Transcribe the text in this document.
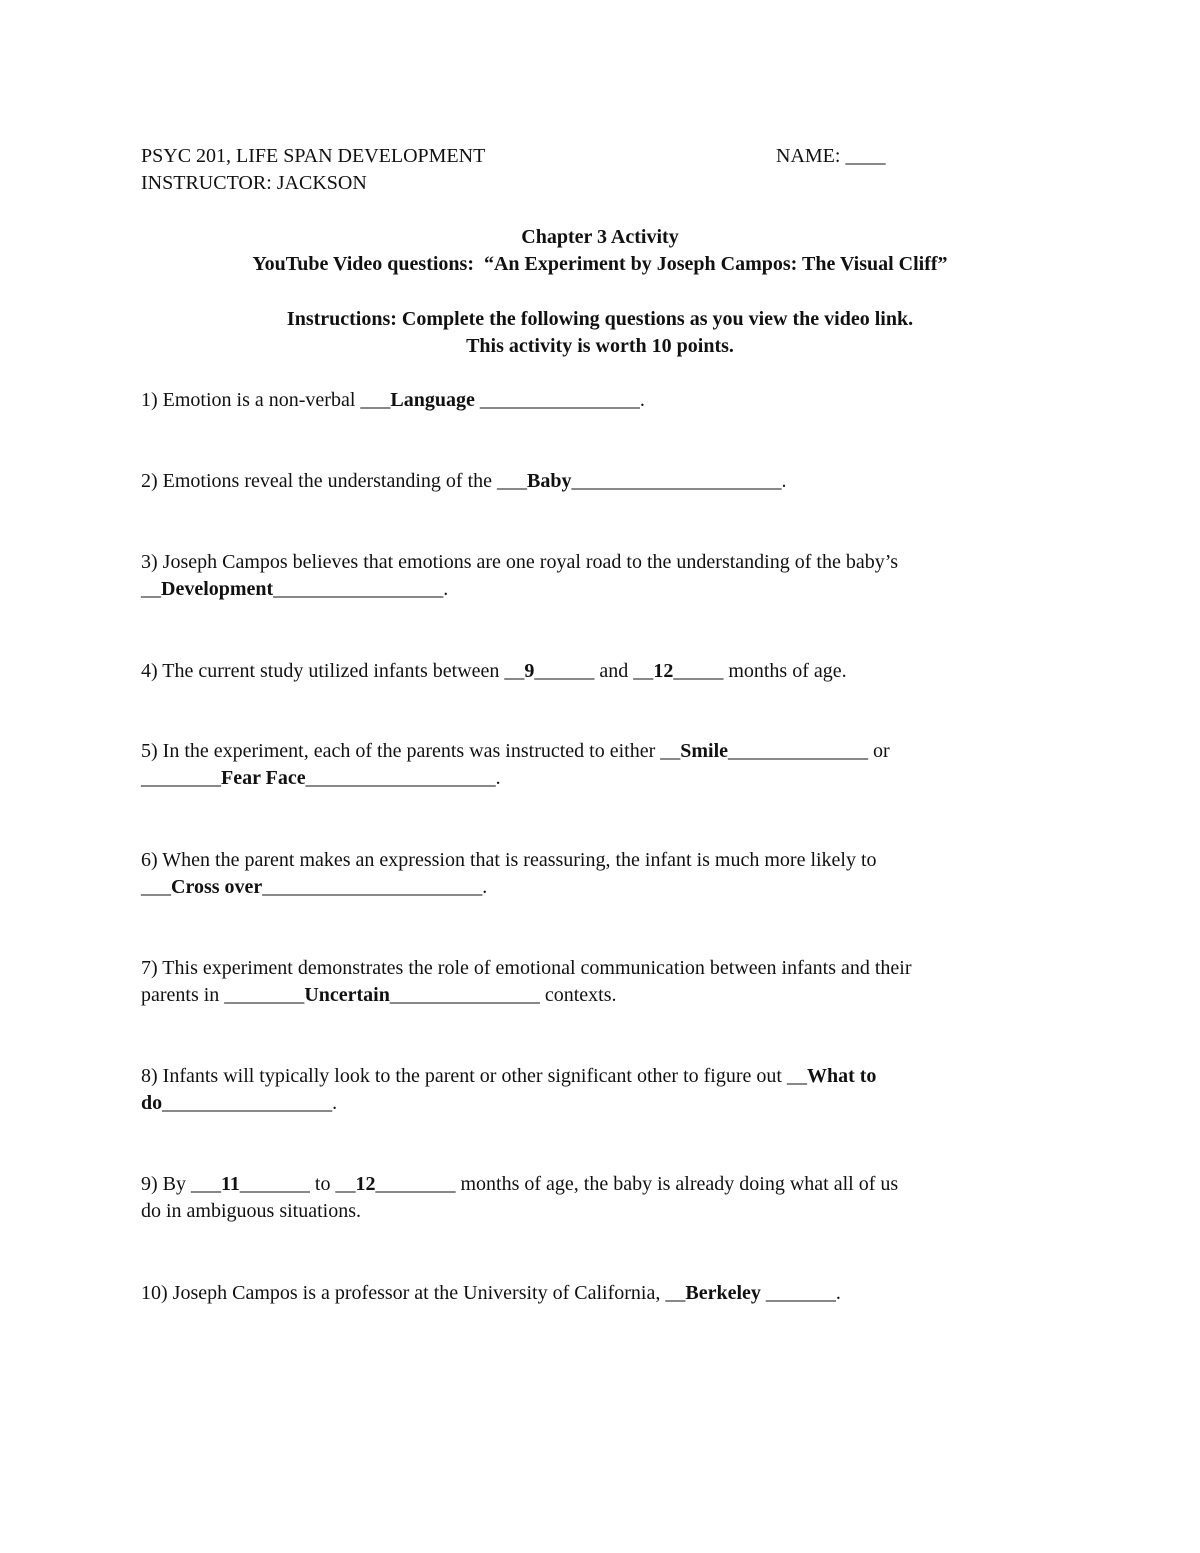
PSYC 201, LIFE SPAN DEVELOPMENT	NAME: ____
INSTRUCTOR: JACKSON
Chapter 3 Activity
YouTube Video questions: “An Experiment by Joseph Campos: The Visual Cliff”
Instructions: Complete the following questions as you view the video link.
This activity is worth 10 points.
1) Emotion is a non-verbal ___Language ________________.
2) Emotions reveal the understanding of the ___Baby_____________________.
3) Joseph Campos believes that emotions are one royal road to the understanding of the baby’s
__Development_________________.
4) The current study utilized infants between __9______ and __12_____ months of age.
5) In the experiment, each of the parents was instructed to either __Smile______________ or
________Fear Face___________________.
6) When the parent makes an expression that is reassuring, the infant is much more likely to
___Cross over______________________.
7) This experiment demonstrates the role of emotional communication between infants and their
parents in ________Uncertain_______________ contexts.
8) Infants will typically look to the parent or other significant other to figure out __What to
do_________________.
9) By ___11_______ to __12________ months of age, the baby is already doing what all of us
do in ambiguous situations.
10) Joseph Campos is a professor at the University of California, __Berkeley _______.
